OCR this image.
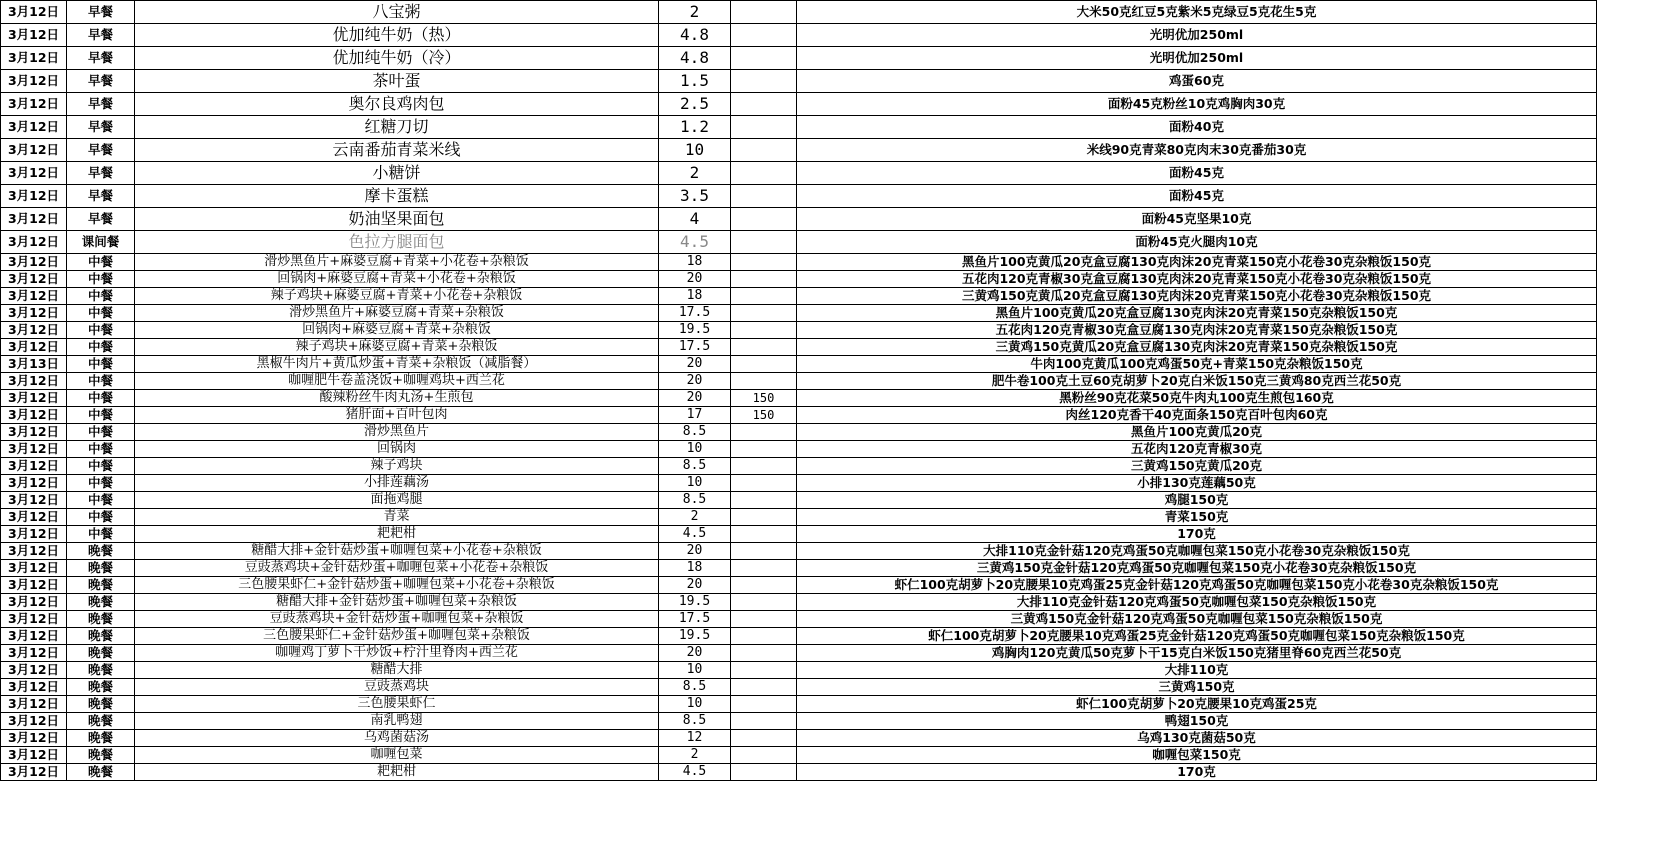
3月12日	早餐	八宝粥	2		大米50克红豆5克紫米5克绿豆5克花生5克
3月12日	早餐	优加纯牛奶（热）	4.8		光明优加250ml
3月12日	早餐	优加纯牛奶（冷）	4.8		光明优加250ml
3月12日	早餐	茶叶蛋	1.5		鸡蛋60克
3月12日	早餐	奥尔良鸡肉包	2.5		面粉45克粉丝10克鸡胸肉30克
3月12日	早餐	红糖刀切	1.2		面粉40克
3月12日	早餐	云南番茄青菜米线	10		米线90克青菜80克肉末30克番茄30克
3月12日	早餐	小糖饼	2		面粉45克
3月12日	早餐	摩卡蛋糕	3.5		面粉45克
3月12日	早餐	奶油坚果面包	4		面粉45克坚果10克
3月12日	课间餐	色拉方腿面包	4.5		面粉45克火腿肉10克
3月12日	中餐	滑炒黑鱼片+麻婆豆腐+青菜+小花卷+杂粮饭	18		黑鱼片100克黄瓜20克盒豆腐130克肉沫20克青菜150克小花卷30克杂粮饭150克
3月12日	中餐	回锅肉+麻婆豆腐+青菜+小花卷+杂粮饭	20		五花肉120克青椒30克盒豆腐130克肉沫20克青菜150克小花卷30克杂粮饭150克
3月12日	中餐	辣子鸡块+麻婆豆腐+青菜+小花卷+杂粮饭	18		三黄鸡150克黄瓜20克盒豆腐130克肉沫20克青菜150克小花卷30克杂粮饭150克
3月12日	中餐	滑炒黑鱼片+麻婆豆腐+青菜+杂粮饭	17.5		黑鱼片100克黄瓜20克盒豆腐130克肉沫20克青菜150克杂粮饭150克
3月12日	中餐	回锅肉+麻婆豆腐+青菜+杂粮饭	19.5		五花肉120克青椒30克盒豆腐130克肉沫20克青菜150克杂粮饭150克
3月12日	中餐	辣子鸡块+麻婆豆腐+青菜+杂粮饭	17.5		三黄鸡150克黄瓜20克盒豆腐130克肉沫20克青菜150克杂粮饭150克
3月13日	中餐	黑椒牛肉片+黄瓜炒蛋+青菜+杂粮饭（减脂餐）	20		牛肉100克黄瓜100克鸡蛋50克+青菜150克杂粮饭150克
3月12日	中餐	咖喱肥牛卷盖浇饭+咖喱鸡块+西兰花	20		肥牛卷100克土豆60克胡萝卜20克白米饭150克三黄鸡80克西兰花50克
3月12日	中餐	酸辣粉丝牛肉丸汤+生煎包	20	150	黑粉丝90克花菜50克牛肉丸100克生煎包160克
3月12日	中餐	猪肝面+百叶包肉	17	150	肉丝120克香干40克面条150克百叶包肉60克
3月12日	中餐	滑炒黑鱼片	8.5		黑鱼片100克黄瓜20克
3月12日	中餐	回锅肉	10		五花肉120克青椒30克
3月12日	中餐	辣子鸡块	8.5		三黄鸡150克黄瓜20克
3月12日	中餐	小排莲藕汤	10		小排130克莲藕50克
3月12日	中餐	面拖鸡腿	8.5		鸡腿150克
3月12日	中餐	青菜	2		青菜150克
3月12日	中餐	耙耙柑	4.5		170克
3月12日	晚餐	糖醋大排+金针菇炒蛋+咖喱包菜+小花卷+杂粮饭	20		大排110克金针菇120克鸡蛋50克咖喱包菜150克小花卷30克杂粮饭150克
3月12日	晚餐	豆豉蒸鸡块+金针菇炒蛋+咖喱包菜+小花卷+杂粮饭	18		三黄鸡150克金针菇120克鸡蛋50克咖喱包菜150克小花卷30克杂粮饭150克
3月12日	晚餐	三色腰果虾仁+金针菇炒蛋+咖喱包菜+小花卷+杂粮饭	20		虾仁100克胡萝卜20克腰果10克鸡蛋25克金针菇120克鸡蛋50克咖喱包菜150克小花卷30克杂粮饭150克
3月12日	晚餐	糖醋大排+金针菇炒蛋+咖喱包菜+杂粮饭	19.5		大排110克金针菇120克鸡蛋50克咖喱包菜150克杂粮饭150克
3月12日	晚餐	豆豉蒸鸡块+金针菇炒蛋+咖喱包菜+杂粮饭	17.5		三黄鸡150克金针菇120克鸡蛋50克咖喱包菜150克杂粮饭150克
3月12日	晚餐	三色腰果虾仁+金针菇炒蛋+咖喱包菜+杂粮饭	19.5		虾仁100克胡萝卜20克腰果10克鸡蛋25克金针菇120克鸡蛋50克咖喱包菜150克杂粮饭150克
3月12日	晚餐	咖喱鸡丁萝卜干炒饭+柠汁里脊肉+西兰花	20		鸡胸肉120克黄瓜50克萝卜干15克白米饭150克猪里脊60克西兰花50克
3月12日	晚餐	糖醋大排	10		大排110克
3月12日	晚餐	豆豉蒸鸡块	8.5		三黄鸡150克
3月12日	晚餐	三色腰果虾仁	10		虾仁100克胡萝卜20克腰果10克鸡蛋25克
3月12日	晚餐	南乳鸭翅	8.5		鸭翅150克
3月12日	晚餐	乌鸡菌菇汤	12		乌鸡130克菌菇50克
3月12日	晚餐	咖喱包菜	2		咖喱包菜150克
3月12日	晚餐	耙耙柑	4.5		170克
